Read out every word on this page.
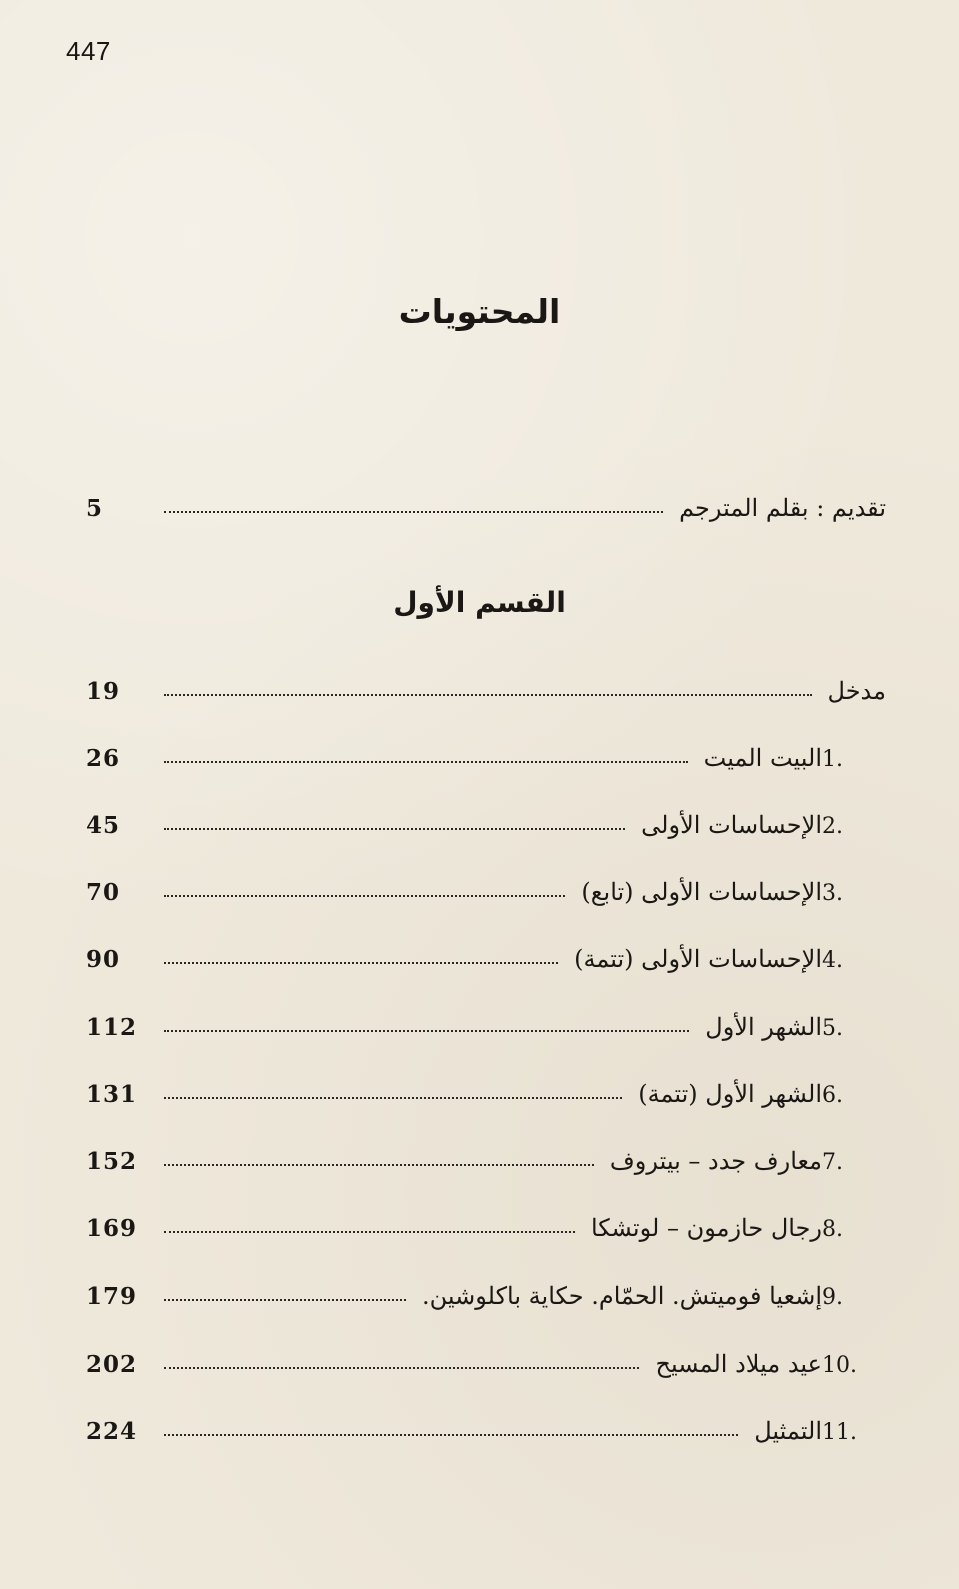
447
المحتويات
تقديم : بقلم المترجم
5
القسم الأول
مدخل
19
1.
البيت الميت
26
2.
الإحساسات الأولى
45
3.
الإحساسات الأولى (تابع)
70
4.
الإحساسات الأولى (تتمة)
90
5.
الشهر الأول
112
6.
الشهر الأول (تتمة)
131
7.
معارف جدد – بيتروف
152
8.
رجال حازمون – لوتشكا
169
9.
إشعيا فوميتش. الحمّام. حكاية باكلوشين.
179
10.
عيد ميلاد المسيح
202
11.
التمثيل
224
